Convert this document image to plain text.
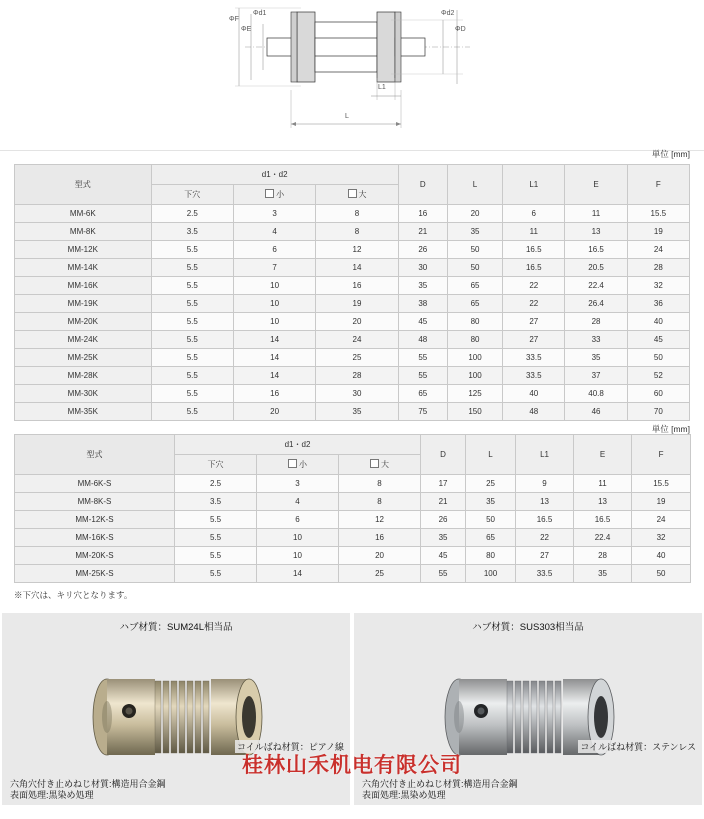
ΦF
ΦE
Φd1	Φd2
ΦD
L1
L
単位 [mm]
型式	d1・d2			D	L	L1	E	F
	下穴	小	大					
MM-6K	2.5	3	8	16	20	6	11	15.5
MM-8K	3.5	4	8	21	35	11	13	19
MM-12K	5.5	6	12	26	50	16.5	16.5	24
MM-14K	5.5	7	14	30	50	16.5	20.5	28
MM-16K	5.5	10	16	35	65	22	22.4	32
MM-19K	5.5	10	19	38	65	22	26.4	36
MM-20K	5.5	10	20	45	80	27	28	40
MM-24K	5.5	14	24	48	80	27	33	45
MM-25K	5.5	14	25	55	100	33.5	35	50
MM-28K	5.5	14	28	55	100	33.5	37	52
MM-30K	5.5	16	30	65	125	40	40.8	60
MM-35K	5.5	20	35	75	150	48	46	70
単位 [mm]
型式	d1・d2			D	L	L1	E	F
	下穴	小	大					
MM-6K-S	2.5	3	8	17	25	9	11	15.5
MM-8K-S	3.5	4	8	21	35	13	13	19
MM-12K-S	5.5	6	12	26	50	16.5	16.5	24
MM-16K-S	5.5	10	16	35	65	22	22.4	32
MM-20K-S	5.5	10	20	45	80	27	28	40
MM-25K-S	5.5	14	25	55	100	33.5	35	50
※下穴は、キリ穴となります。
ハブ材質：SUM24L相当品
コイルばね材質：ピアノ線
六角穴付き止めねじ材質:構造用合金鋼
表面処理:黒染め処理
ハブ材質：SUS303相当品
コイルばね材質：ステンレス
六角穴付き止めねじ材質:構造用合金鋼
表面処理:黒染め処理
桂林山禾机电有限公司
